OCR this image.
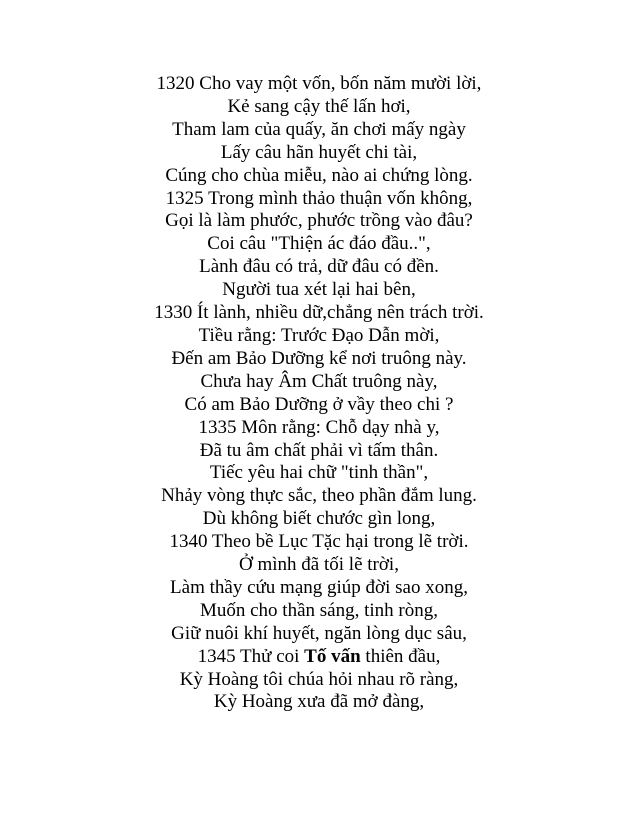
1320 Cho vay một vốn, bốn năm mười lời,
Kẻ sang cậy thế lấn hơi,
Tham lam của quấy, ăn chơi mấy ngày
Lấy câu hãn huyết chi tài,
Cúng cho chùa miễu, nào ai chứng lòng.
1325 Trong mình thảo thuận vốn không,
Gọi là làm phước, phước trồng vào đâu?
Coi câu "Thiện ác đáo đầu..",
Lành đâu có trả, dữ đâu có đền.
Người tua xét lại hai bên,
1330 Ít lành, nhiều dữ,chẳng nên trách trời.
Tiều rằng: Trước Đạo Dẫn mời,
Đến am Bảo Dưỡng kể nơi truông này.
Chưa hay Âm Chất truông này,
Có am Bảo Dưỡng ở vầy theo chi ?
1335 Môn rằng: Chỗ dạy nhà y,
Đã tu âm chất phải vì tấm thân.
Tiếc yêu hai chữ "tinh thần",
Nhảy vòng thực sắc, theo phần đắm lung.
Dù không biết chước gìn long,
1340 Theo bề Lục Tặc hại trong lẽ trời.
Ở mình đã tối lẽ trời,
Làm thầy cứu mạng giúp đời sao xong,
Muốn cho thần sáng, tinh ròng,
Giữ nuôi khí huyết, ngăn lòng dục sâu,
1345 Thử coi Tố vấn thiên đầu,
Kỳ Hoàng tôi chúa hỏi nhau rõ ràng,
Kỳ Hoàng xưa đã mở đàng,
